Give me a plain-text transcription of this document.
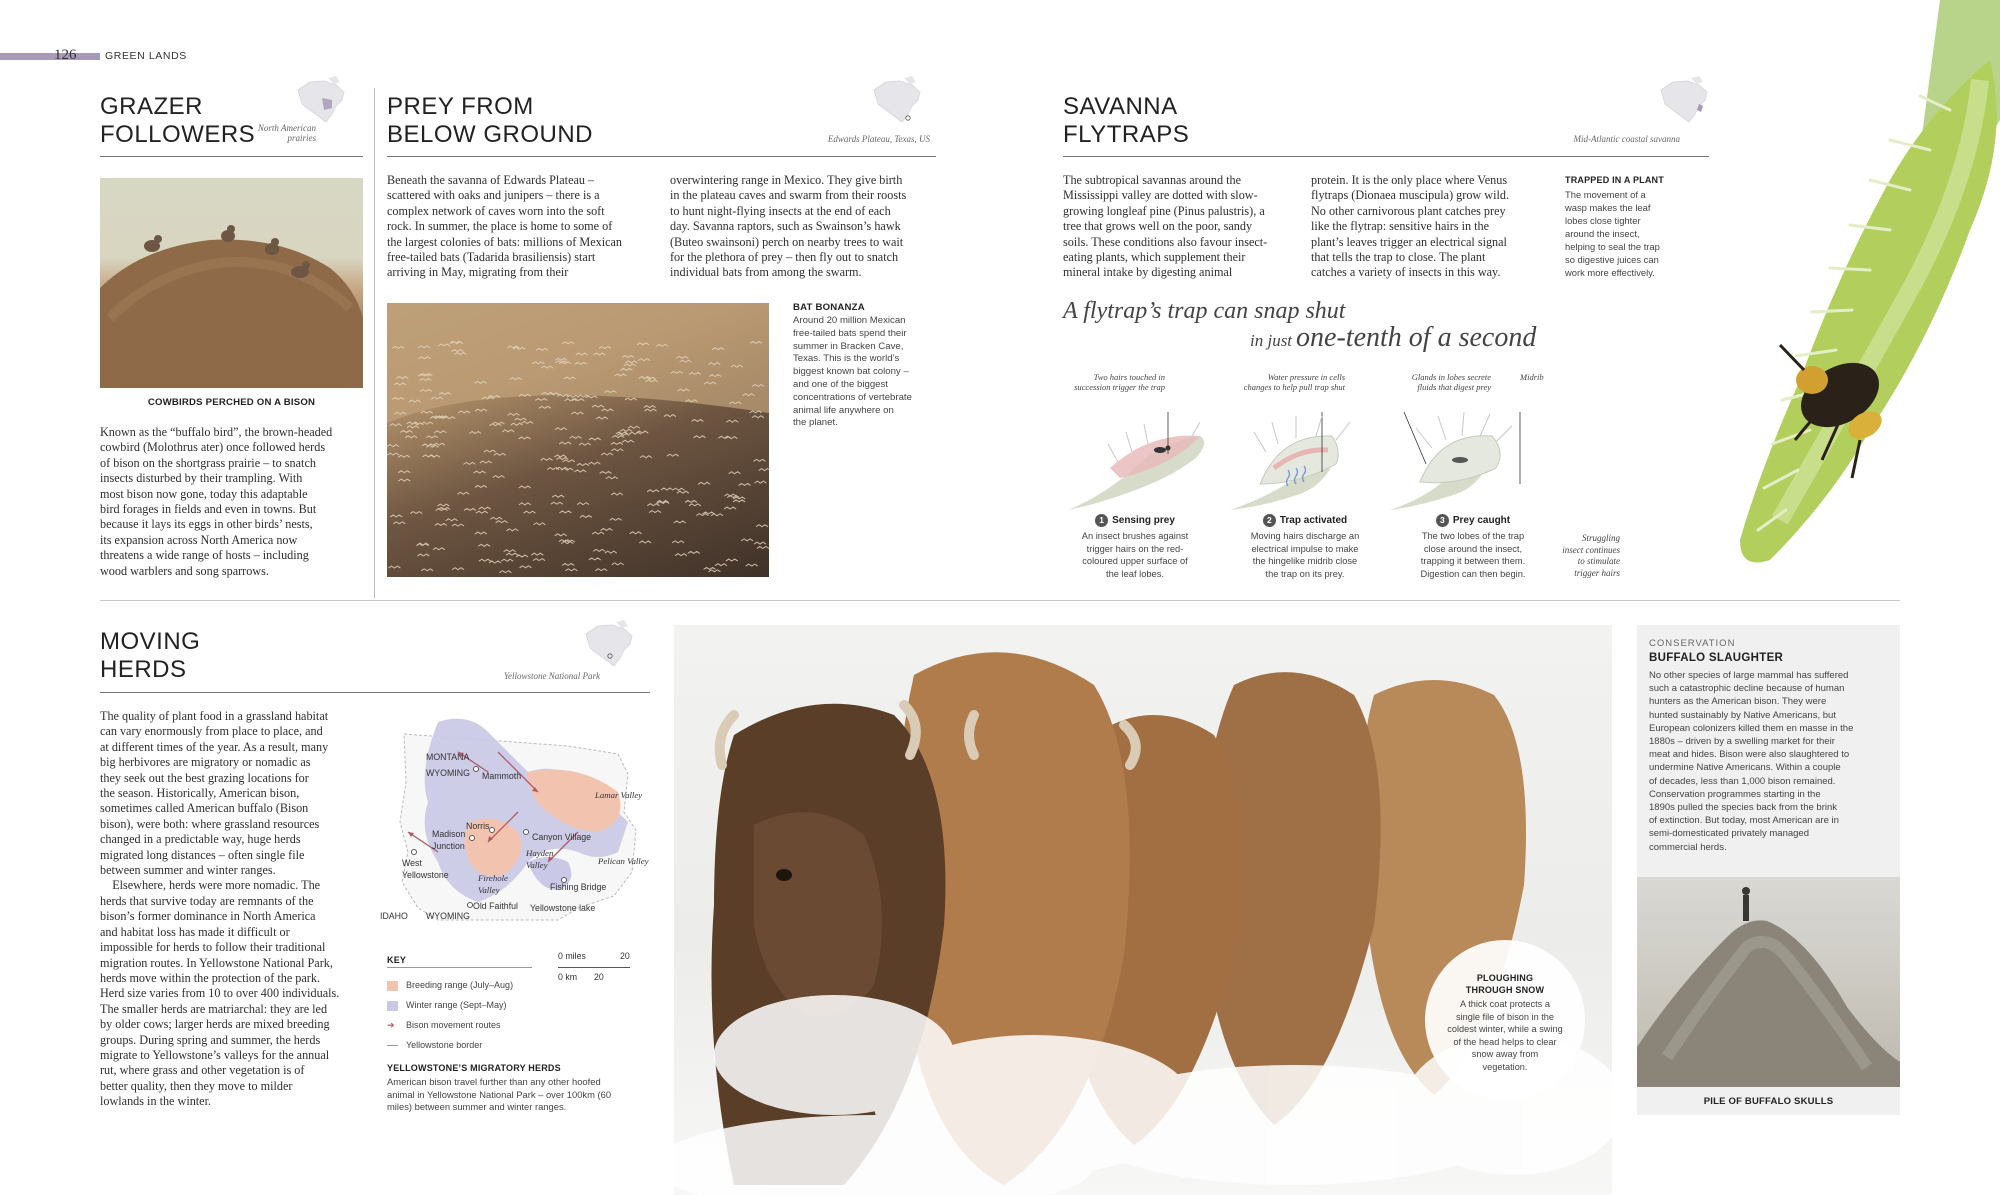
126	GREEN LANDS
GRAZER
FOLLOWERS North American prairies
COWBIRDS PERCHED ON A BISON
Known as the “buffalo bird”, the brown-headed
cowbird (Molothrus ater) once followed herds
of bison on the shortgrass prairie – to snatch
insects disturbed by their trampling. With
most bison now gone, today this adaptable
bird forages in fields and even in towns. But
because it lays its eggs in other birds’ nests,
its expansion across North America now
threatens a wide range of hosts – including
wood warblers and song sparrows.
PREY FROM
BELOW GROUND	Edwards Plateau, Texas, US
Beneath the savanna of Edwards Plateau –
scattered with oaks and junipers – there is a
complex network of caves worn into the soft
rock. In summer, the place is home to some of
the largest colonies of bats: millions of Mexican
free-tailed bats (Tadarida brasiliensis) start
arriving in May, migrating from their
overwintering range in Mexico. They give birth
in the plateau caves and swarm from their roosts
to hunt night-flying insects at the end of each
day. Savanna raptors, such as Swainson’s hawk
(Buteo swainsoni) perch on nearby trees to wait
for the plethora of prey – then fly out to snatch
individual bats from among the swarm.
BAT BONANZA
Around 20 million Mexican
free-tailed bats spend their
summer in Bracken Cave,
Texas. This is the world’s
biggest known bat colony –
and one of the biggest
concentrations of vertebrate
animal life anywhere on
the planet.
SAVANNA
FLYTRAPS	Mid-Atlantic coastal savanna
The subtropical savannas around the
Mississippi valley are dotted with slow-
growing longleaf pine (Pinus palustris), a
tree that grows well on the poor, sandy
soils. These conditions also favour insect-
eating plants, which supplement their
mineral intake by digesting animal
protein. It is the only place where Venus
flytraps (Dionaea muscipula) grow wild.
No other carnivorous plant catches prey
like the flytrap: sensitive hairs in the
plant’s leaves trigger an electrical signal
that tells the trap to close. The plant
catches a variety of insects in this way.
TRAPPED IN A PLANT
The movement of a
wasp makes the leaf
lobes close tighter
around the insect,
helping to seal the trap
so digestive juices can
work more effectively.
A flytrap’s trap can snap shut
in just one-tenth of a second
Two hairs touched in
succession trigger the trap
Water pressure in cells
changes to help pull trap shut
Glands in lobes secrete
fluids that digest prey
Midrib
1 Sensing prey
An insect brushes against
trigger hairs on the red-
coloured upper surface of
the leaf lobes.
2 Trap activated
Moving hairs discharge an
electrical impulse to make
the hingelike midrib close
the trap on its prey.
3 Prey caught
The two lobes of the trap
close around the insect,
trapping it between them.
Digestion can then begin.
Struggling
insect continues
to stimulate
trigger hairs
MOVING
HERDS	Yellowstone National Park
The quality of plant food in a grassland habitat
can vary enormously from place to place, and
at different times of the year. As a result, many
big herbivores are migratory or nomadic as
they seek out the best grazing locations for
the season. Historically, American bison,
sometimes called American buffalo (Bison
bison), were both: where grassland resources
changed in a predictable way, huge herds
migrated long distances – often single file
between summer and winter ranges.
 Elsewhere, herds were more nomadic. The
herds that survive today are remnants of the
bison’s former dominance in North America
and habitat loss has made it difficult or
impossible for herds to follow their traditional
migration routes. In Yellowstone National Park,
herds move within the protection of the park.
Herd size varies from 10 to over 400 individuals.
The smaller herds are matriarchal: they are led
by older cows; larger herds are mixed breeding
groups. During spring and summer, the herds
migrate to Yellowstone’s valleys for the annual
rut, where grass and other vegetation is of
better quality, then they move to milder
lowlands in the winter.
MONTANA
WYOMING Mammoth
Lamar Valley
Norris
Madison
Junction
Canyon Village
Hayden
Valley	Pelican Valley
West
Yellowstone	Firehole
Valley	Fishing Bridge
Old Faithful Yellowstone lake
IDAHO WYOMING
KEY
Breeding range (July–Aug)
Winter range (Sept–May)
➜ Bison movement routes
Yellowstone border
0 miles	20
0 km 20
YELLOWSTONE’S MIGRATORY HERDS
American bison travel further than any other hoofed
animal in Yellowstone National Park – over 100km (60
miles) between summer and winter ranges.
PLOUGHING
THROUGH SNOW
A thick coat protects a
single file of bison in the
coldest winter, while a swing
of the head helps to clear
snow away from
vegetation.
CONSERVATION
BUFFALO SLAUGHTER
No other species of large mammal has suffered
such a catastrophic decline because of human
hunters as the American bison. They were
hunted sustainably by Native Americans, but
European colonizers killed them en masse in the
1880s – driven by a swelling market for their
meat and hides. Bison were also slaughtered to
undermine Native Americans. Within a couple
of decades, less than 1,000 bison remained.
Conservation programmes starting in the
1890s pulled the species back from the brink
of extinction. But today, most American are in
semi-domesticated privately managed
commercial herds.
PILE OF BUFFALO SKULLS
